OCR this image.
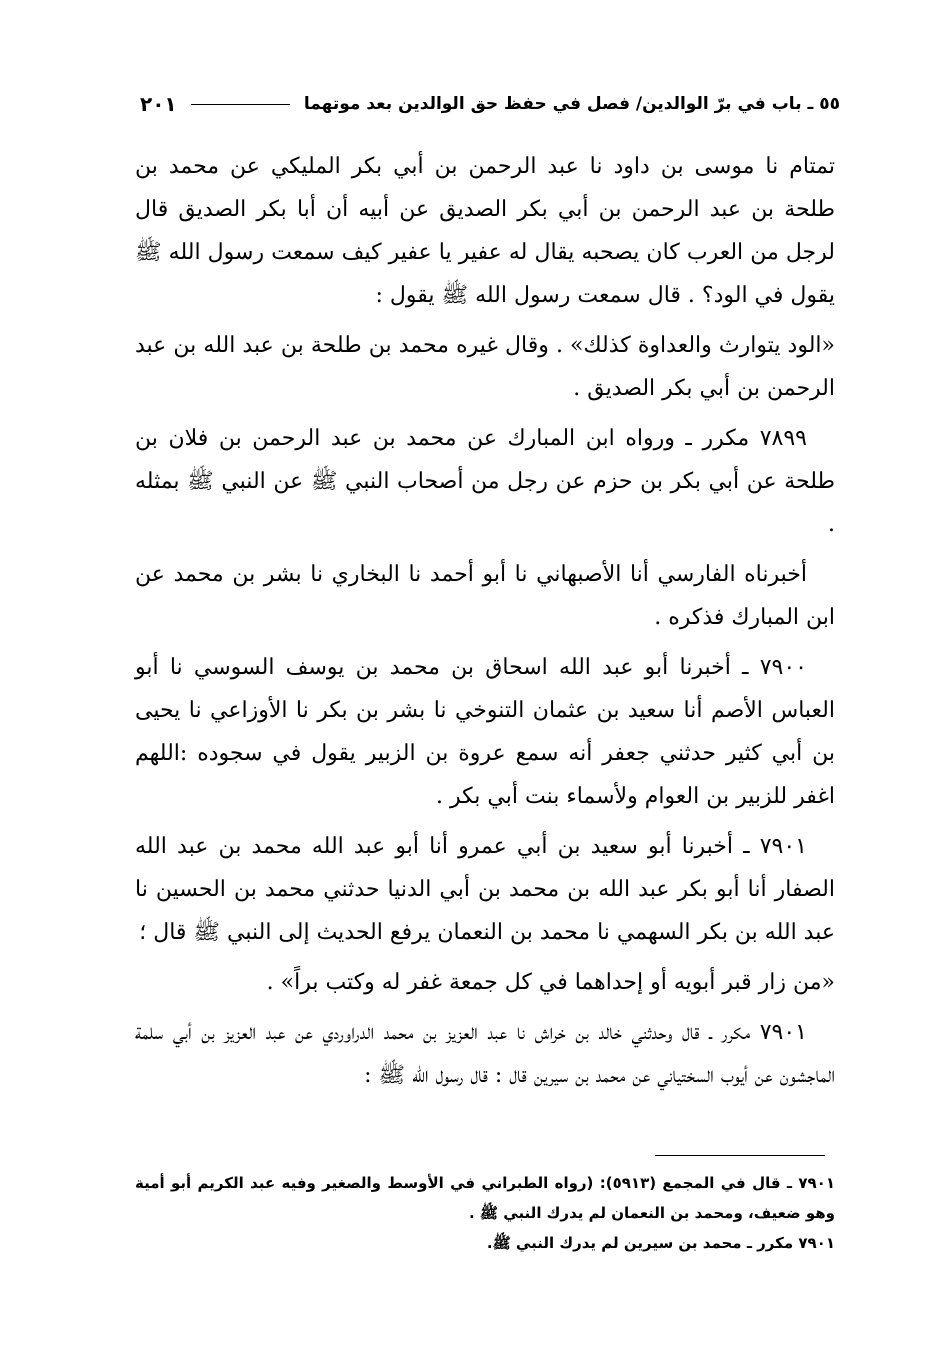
٥٥ ـ باب في برّ الوالدين/ فصل في حفظ حق الوالدين بعد موتهما
٢٠١

تمتام نا موسى بن داود نا عبد الرحمن بن أبي بكر المليكي عن محمد بن طلحة بن عبد الرحمن بن أبي بكر الصديق عن أبيه أن أبا بكر الصديق قال لرجل من العرب كان يصحبه يقال له عفير يا عفير كيف سمعت رسول الله ﷺ يقول في الود؟ . قال سمعت رسول الله ﷺ يقول :

«الود يتوارث والعداوة كذلك» . وقال غيره محمد بن طلحة بن عبد الله بن عبد الرحمن بن أبي بكر الصديق .

٧٨٩٩ مكرر ـ ورواه ابن المبارك عن محمد بن عبد الرحمن بن فلان بن طلحة عن أبي بكر بن حزم عن رجل من أصحاب النبي ﷺ عن النبي ﷺ بمثله .

أخبرناه الفارسي أنا الأصبهاني نا أبو أحمد نا البخاري نا بشر بن محمد عن ابن المبارك فذكره .

٧٩٠٠ ـ أخبرنا أبو عبد الله اسحاق بن محمد بن يوسف السوسي نا أبو العباس الأصم أنا سعيد بن عثمان التنوخي نا بشر بن بكر نا الأوزاعي نا يحيى بن أبي كثير حدثني جعفر أنه سمع عروة بن الزبير يقول في سجوده :اللهم اغفر للزبير بن العوام ولأسماء بنت أبي بكر .

٧٩٠١ ـ أخبرنا أبو سعيد بن أبي عمرو أنا أبو عبد الله محمد بن عبد الله الصفار أنا أبو بكر عبد الله بن محمد بن أبي الدنيا حدثني محمد بن الحسين نا عبد الله بن بكر السهمي نا محمد بن النعمان يرفع الحديث إلى النبي ﷺ قال ؛

«من زار قبر أبويه أو إحداهما في كل جمعة غفر له وكتب براً» .

٧٩٠١ مكرر ـ قال وحدثني خالد بن خراش نا عبد العزيز بن محمد الدراوردي عن عبد العزيز بن أبي سلمة الماجشون عن أيوب السختياني عن محمد بن سيرين قال : قال رسول الله ﷺ :

٧٩٠١ ـ قال في المجمع (٥٩١٣): (رواه الطبراني في الأوسط والصغير وفيه عبد الكريم أبو أمية وهو ضعيف، ومحمد بن النعمان لم يدرك النبي ﷺ .

٧٩٠١ مكرر ـ محمد بن سيرين لم يدرك النبي ﷺ.
